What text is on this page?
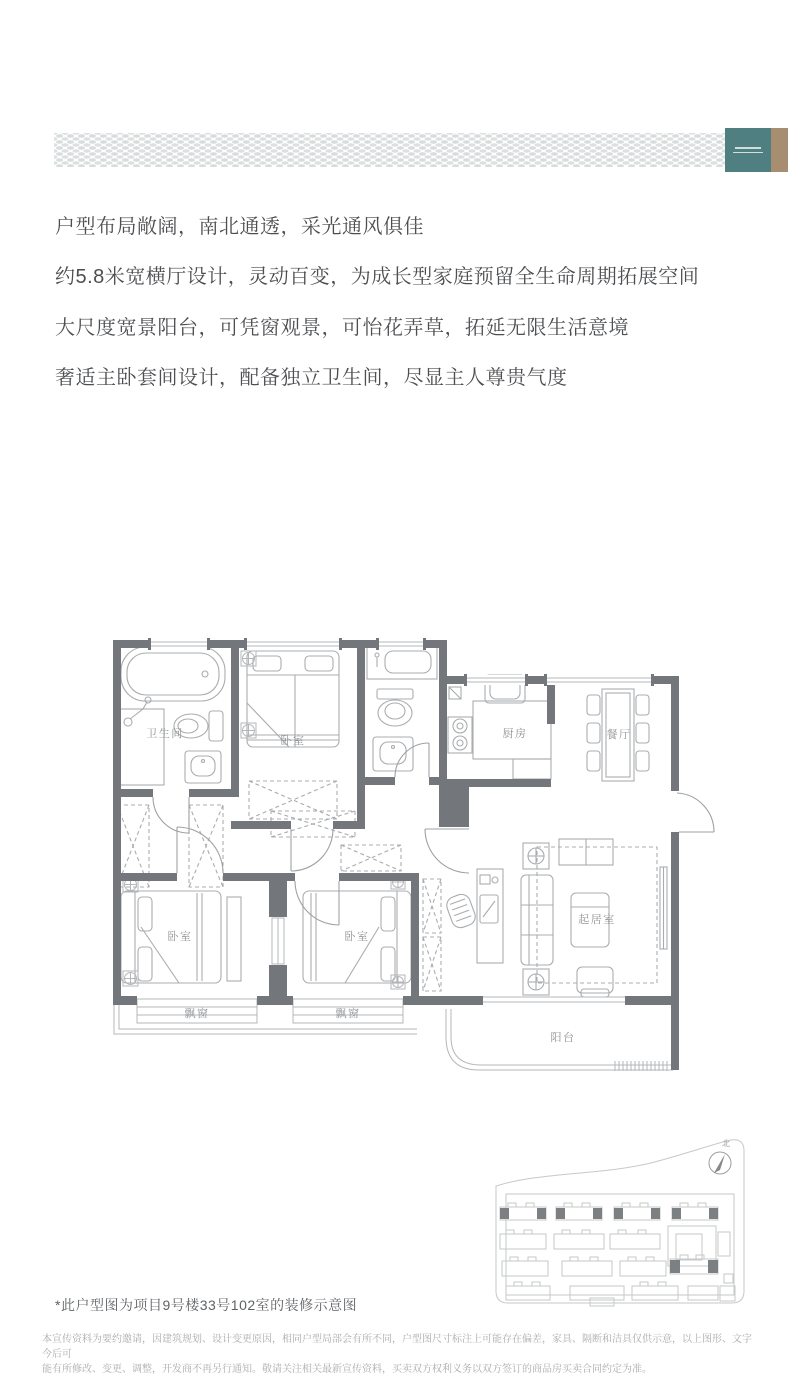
户型布局敞阔，南北通透，采光通风俱佳

约5.8米宽横厅设计，灵动百变，为成长型家庭预留全生命周期拓展空间

大尺度宽景阳台，可凭窗观景，可怡花弄草，拓延无限生活意境

奢适主卧套间设计，配备独立卫生间，尽显主人尊贵气度

卫生间
卧室
厨房	餐厅
卧室	卧室
起居室
飘窗	飘窗
阳台
北

*此户型图为项目9号楼33号102室的装修示意图

本宣传资料为要约邀请，因建筑规划、设计变更原因，相同户型局部会有所不同，户型图尺寸标注上可能存在偏差，家具、隔断和洁具仅供示意，以上图形、文字今后可
能有所修改、变更、调整，开发商不再另行通知。敬请关注相关最新宣传资料，买卖双方权利义务以双方签订的商品房买卖合同约定为准。
